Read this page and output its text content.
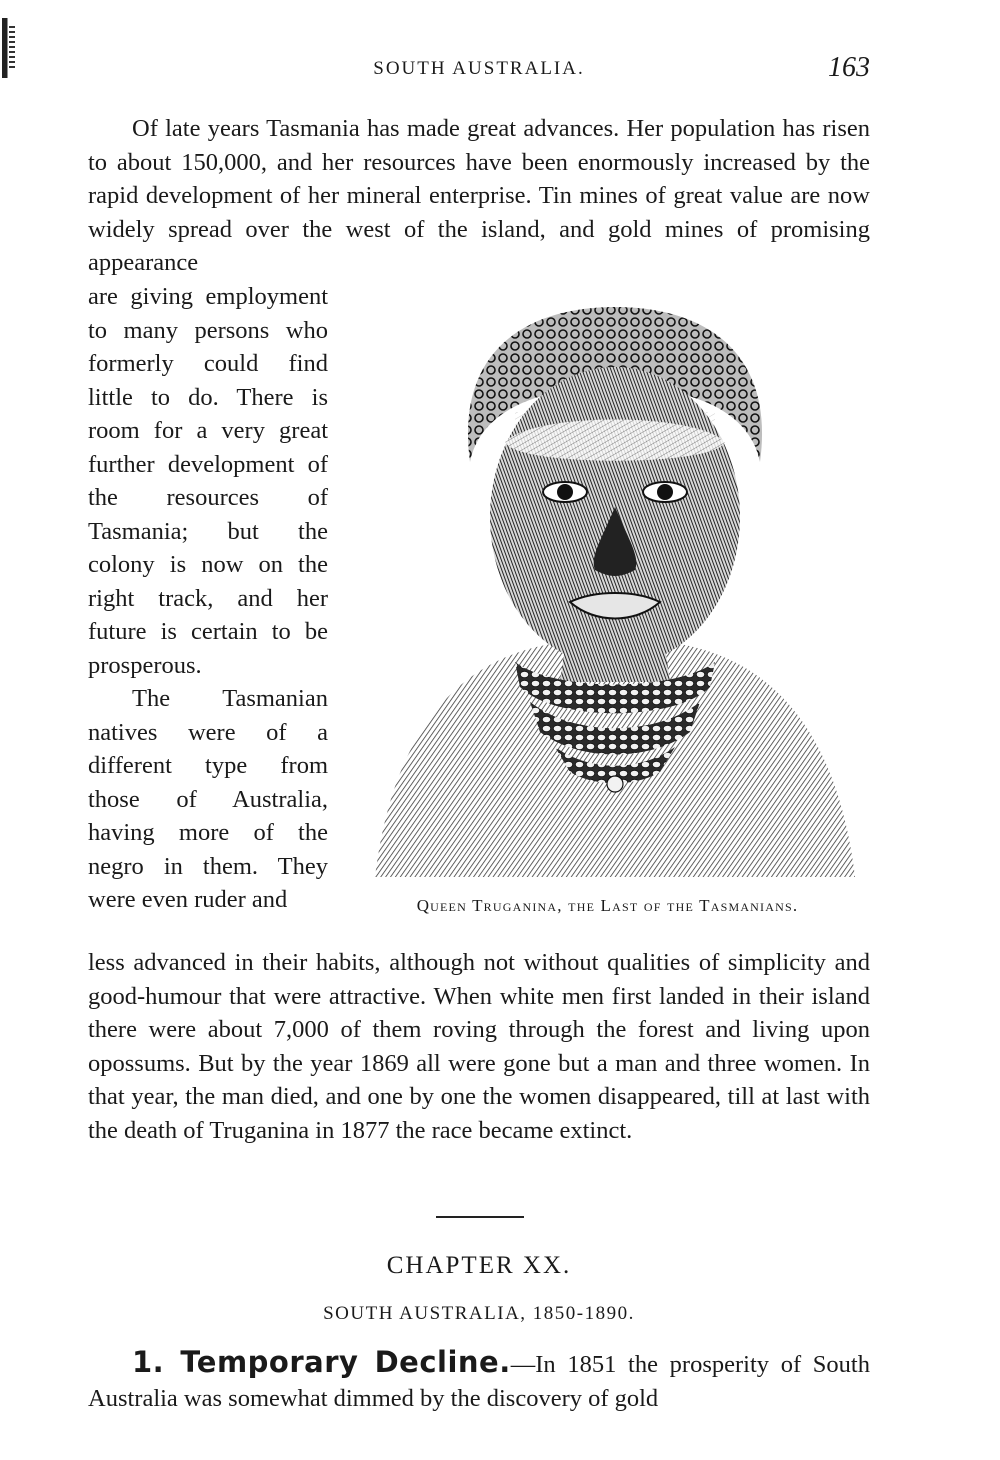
SOUTH AUSTRALIA.	163

Of late years Tasmania has made great advances. Her population has risen to about 150,000, and her resources have been enormously increased by the rapid development of her mineral enterprise. Tin mines of great value are now widely spread over the west of the island, and gold mines of promising appearance

are giving employment to many persons who formerly could find little to do. There is room for a very great further development of the resources of Tasmania; but the colony is now on the right track, and her future is certain to be prosperous.

The Tasmanian natives were of a different type from those of Australia, having more of the negro in them. They were even ruder and	Queen Truganina, the Last of the Tasmanians.

less advanced in their habits, although not without qualities of simplicity and good-humour that were attractive. When white men first landed in their island there were about 7,000 of them roving through the forest and living upon opossums. But by the year 1869 all were gone but a man and three women. In that year, the man died, and one by one the women disappeared, till at last with the death of Truganina in 1877 the race became extinct.

CHAPTER XX.
SOUTH AUSTRALIA, 1850-1890.

1. Temporary Decline.—In 1851 the prosperity of South Australia was somewhat dimmed by the discovery of gold
